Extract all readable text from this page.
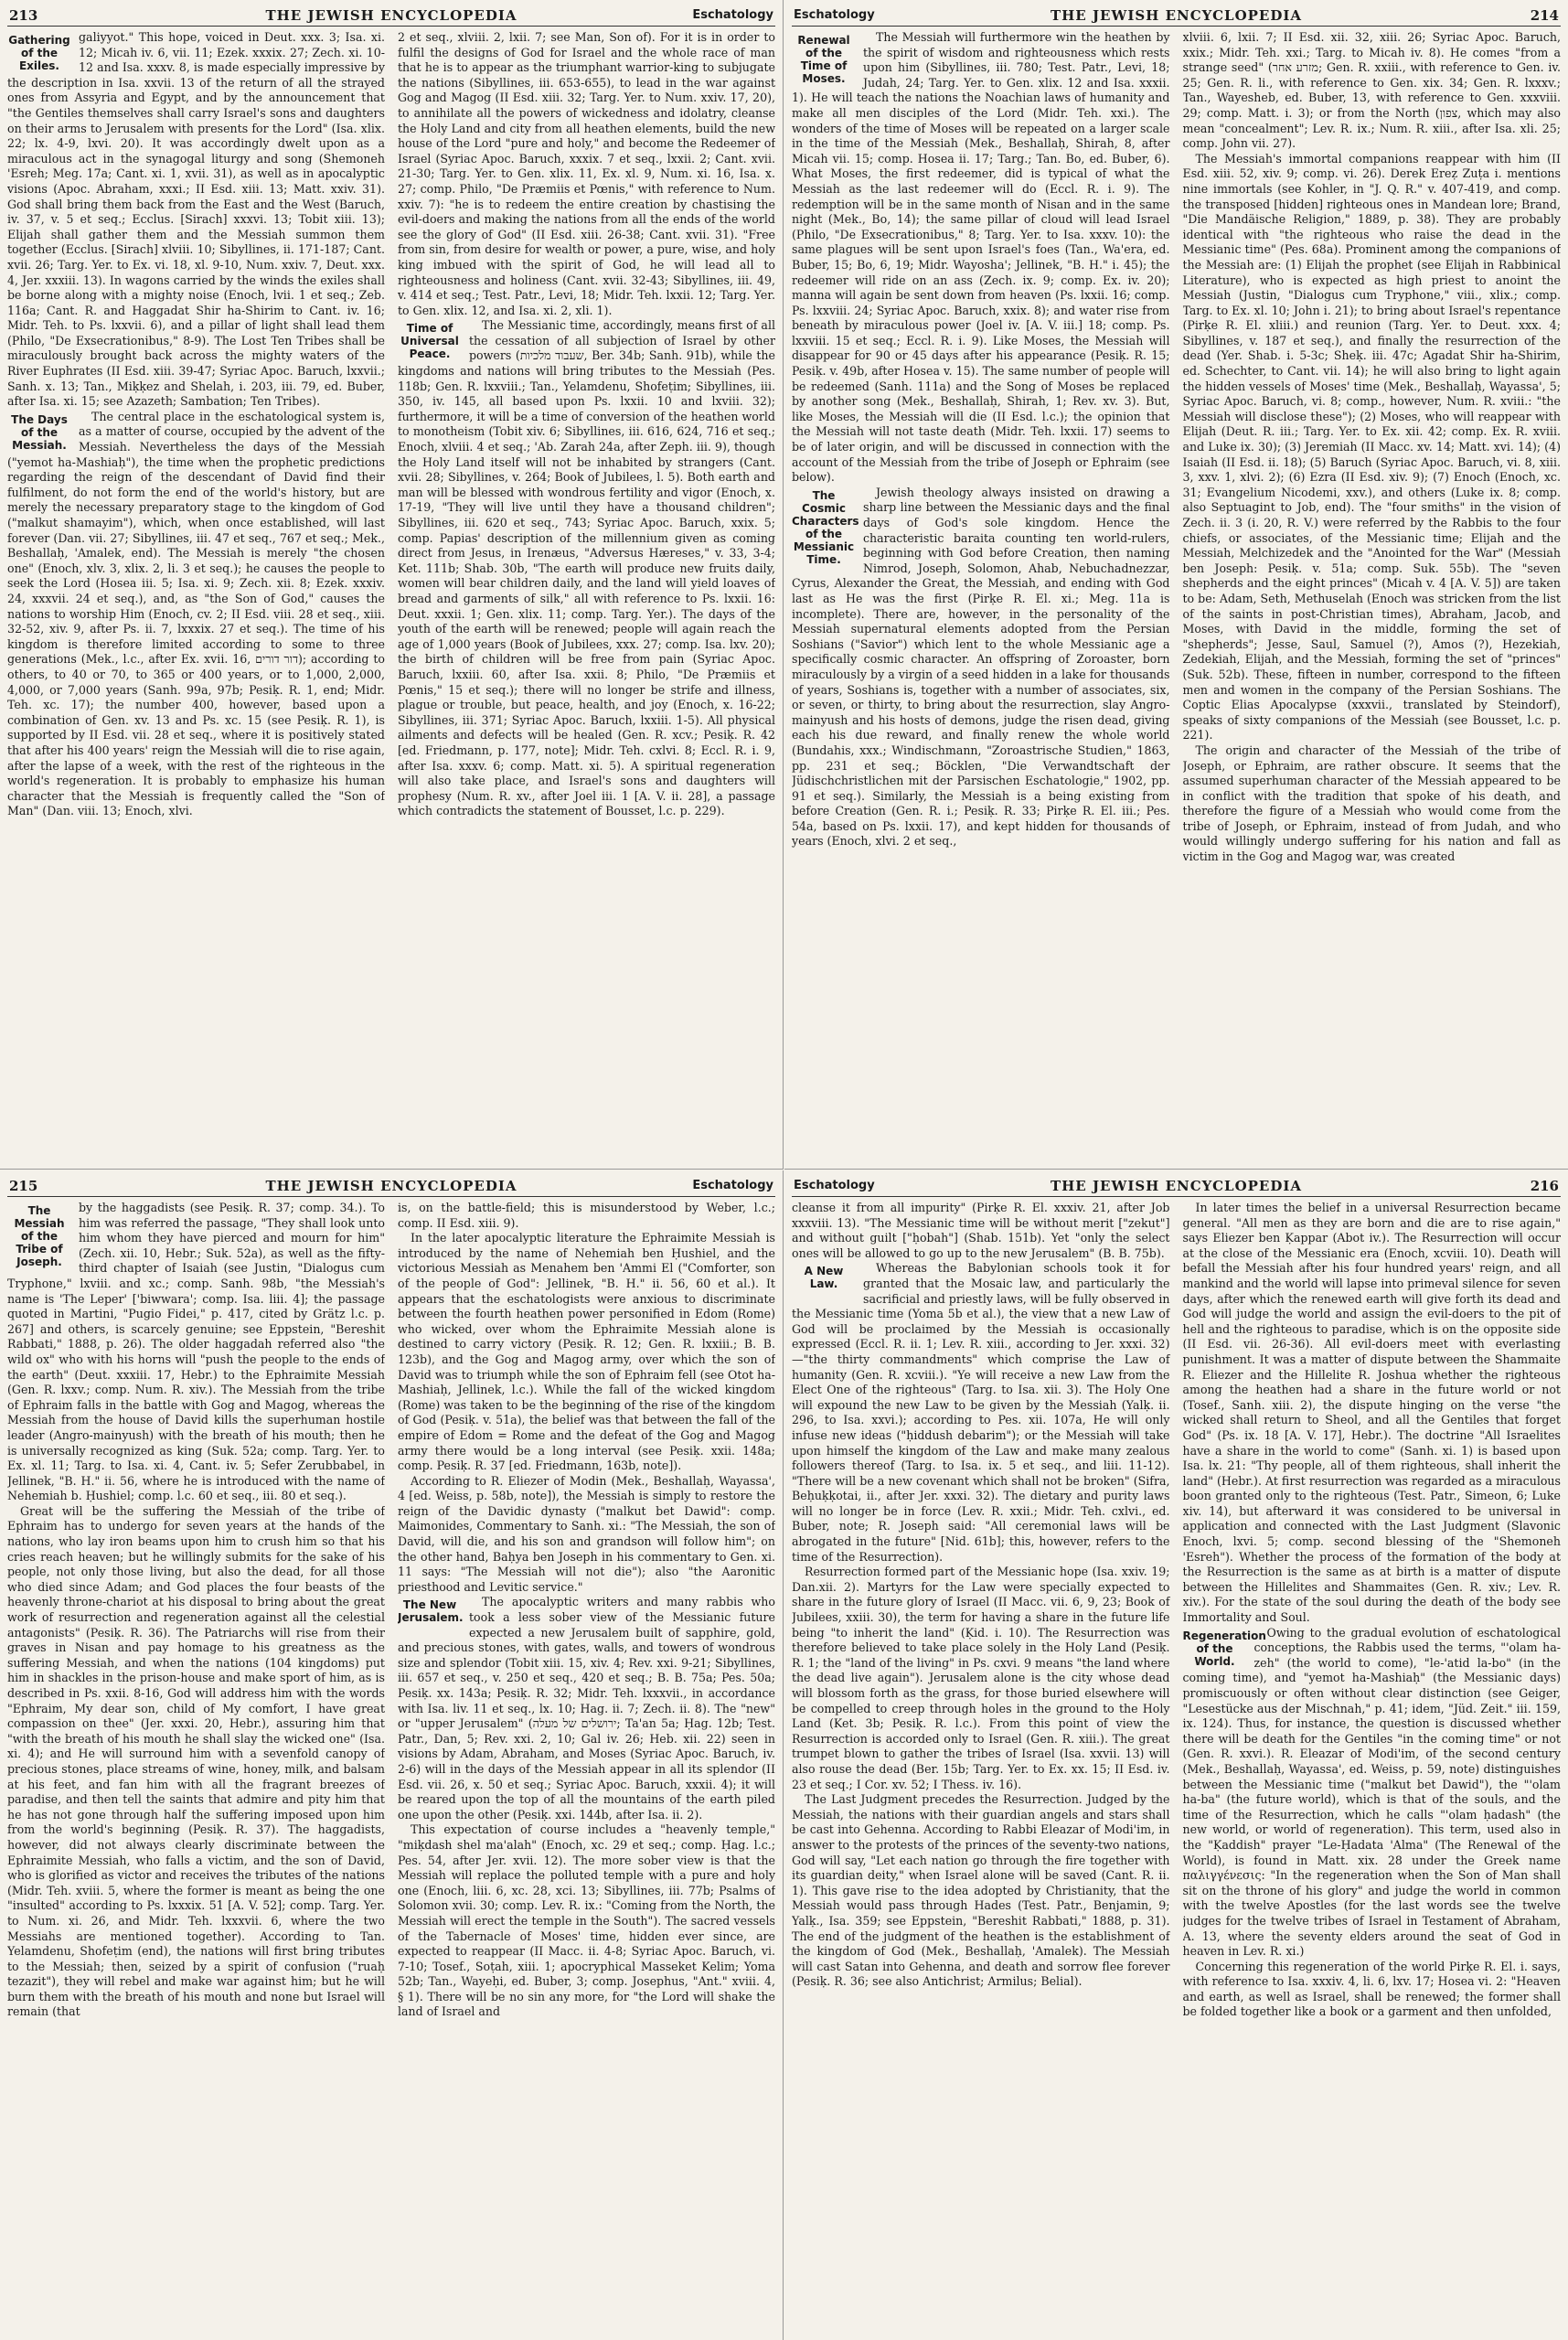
213	THE JEWISH ENCYCLOPEDIA	Eschatology
Gathering of the Exiles.

galiyyot." This hope, voiced in Deut. xxx. 3; Isa. xi. 12; Micah iv. 6, vii. 11; Ezek. xxxix. 27; Zech. xi. 10-12 and Isa. xxxv. 8, is made especially impressive by the description in Isa. xxvii. 13 of the return of all the strayed ones from Assyria and Egypt, and by the announcement that "the Gentiles themselves shall carry Israel's sons and daughters on their arms to Jerusalem with presents for the Lord" (Isa. xlix. 22; lx. 4-9, lxvi. 20). It was accordingly dwelt upon as a miraculous act in the synagogal liturgy and song (Shemoneh 'Esreh; Meg. 17a; Cant. xi. 1, xvii. 31), as well as in apocalyptic visions (Apoc. Abraham, xxxi.; II Esd. xiii. 13; Matt. xxiv. 31). God shall bring them back from the East and the West (Baruch, iv. 37, v. 5 et seq.; Ecclus. [Sirach] xxxvi. 13; Tobit xiii. 13); Elijah shall gather them and the Messiah summon them together (Ecclus. [Sirach] xlviii. 10; Sibyllines, ii. 171-187; Cant. xvii. 26; Targ. Yer. to Ex. vi. 18, xl. 9-10, Num. xxiv. 7, Deut. xxx. 4, Jer. xxxiii. 13). In wagons carried by the winds the exiles shall be borne along with a mighty noise (Enoch, lvii. 1 et seq.; Zeb. 116a; Cant. R. and Haggadat Shir ha-Shirim to Cant. iv. 16; Midr. Teh. to Ps. lxxvii. 6), and a pillar of light shall lead them (Philo, "De Exsecrationibus," 8-9). The Lost Ten Tribes shall be miraculously brought back across the mighty waters of the River Euphrates (II Esd. xiii. 39-47; Syriac Apoc. Baruch, lxxvii.; Sanh. x. 13; Tan., Miḳḳez and Shelah, i. 203, iii. 79, ed. Buber, after Isa. xi. 15; see Azazeth; Sambation; Ten Tribes).

The Days of the Messiah.

The central place in the eschatological system is, as a matter of course, occupied by the advent of the Messiah. Nevertheless the days of the Messiah ("yemot ha-Mashiaḥ"), the time when the prophetic predictions regarding the reign of the descendant of David find their fulfilment, do not form the end of the world's history, but are merely the necessary preparatory stage to the kingdom of God ("malkut shamayim"), which, when once established, will last forever (Dan. vii. 27; Sibyllines, iii. 47 et seq., 767 et seq.; Mek., Beshallaḥ, 'Amalek, end). The Messiah is merely "the chosen one" (Enoch, xlv. 3, xlix. 2, li. 3 et seq.); he causes the people to seek the Lord (Hosea iii. 5; Isa. xi. 9; Zech. xii. 8; Ezek. xxxiv. 24, xxxvii. 24 et seq.), and, as "the Son of God," causes the nations to worship Him (Enoch, cv. 2; II Esd. viii. 28 et seq., xiii. 32-52, xiv. 9, after Ps. ii. 7, lxxxix. 27 et seq.). The time of his kingdom is therefore limited according to some to three generations (Mek., l.c., after Ex. xvii. 16, דור דורים); according to others, to 40 or 70, to 365 or 400 years, or to 1,000, 2,000, 4,000, or 7,000 years (Sanh. 99a, 97b; Pesiḳ. R. 1, end; Midr. Teh. xc. 17); the number 400, however, based upon a combination of Gen. xv. 13 and Ps. xc. 15 (see Pesiḳ. R. 1), is supported by II Esd. vii. 28 et seq., where it is positively stated that after his 400 years' reign the Messiah will die to rise again, after the lapse of a week, with the rest of the righteous in the world's regeneration. It is probably to emphasize his human character that the Messiah is frequently called the "Son of Man" (Dan. viii. 13; Enoch, xlvi.

2 et seq., xlviii. 2, lxii. 7; see Man, Son of). For it is in order to fulfil the designs of God for Israel and the whole race of man that he is to appear as the triumphant warrior-king to subjugate the nations (Sibyllines, iii. 653-655), to lead in the war against Gog and Magog (II Esd. xiii. 32; Targ. Yer. to Num. xxiv. 17, 20), to annihilate all the powers of wickedness and idolatry, cleanse the Holy Land and city from all heathen elements, build the new house of the Lord "pure and holy," and become the Redeemer of Israel (Syriac Apoc. Baruch, xxxix. 7 et seq., lxxii. 2; Cant. xvii. 21-30; Targ. Yer. to Gen. xlix. 11, Ex. xl. 9, Num. xi. 16, Isa. x. 27; comp. Philo, "De Præmiis et Pœnis," with reference to Num. xxiv. 7): "he is to redeem the entire creation by chastising the evil-doers and making the nations from all the ends of the world see the glory of God" (II Esd. xiii. 26-38; Cant. xvii. 31). "Free from sin, from desire for wealth or power, a pure, wise, and holy king imbued with the spirit of God, he will lead all to righteousness and holiness (Cant. xvii. 32-43; Sibyllines, iii. 49, v. 414 et seq.; Test. Patr., Levi, 18; Midr. Teh. lxxii. 12; Targ. Yer. to Gen. xlix. 12, and Isa. xi. 2, xli. 1).

Time of Universal Peace.

The Messianic time, accordingly, means first of all the cessation of all subjection of Israel by other powers (שעבוד מלכיות, Ber. 34b; Sanh. 91b), while the kingdoms and nations will bring tributes to the Messiah (Pes. 118b; Gen. R. lxxviii.; Tan., Yelamdenu, Shofeṭim; Sibyllines, iii. 350, iv. 145, all based upon Ps. lxxii. 10 and lxviii. 32); furthermore, it will be a time of conversion of the heathen world to monotheism (Tobit xiv. 6; Sibyllines, iii. 616, 624, 716 et seq.; Enoch, xlviii. 4 et seq.; 'Ab. Zarah 24a, after Zeph. iii. 9), though the Holy Land itself will not be inhabited by strangers (Cant. xvii. 28; Sibyllines, v. 264; Book of Jubilees, l. 5). Both earth and man will be blessed with wondrous fertility and vigor (Enoch, x. 17-19, "They will live until they have a thousand children"; Sibyllines, iii. 620 et seq., 743; Syriac Apoc. Baruch, xxix. 5; comp. Papias' description of the millennium given as coming direct from Jesus, in Irenæus, "Adversus Hæreses," v. 33, 3-4; Ket. 111b; Shab. 30b, "The earth will produce new fruits daily, women will bear children daily, and the land will yield loaves of bread and garments of silk," all with reference to Ps. lxxii. 16: Deut. xxxii. 1; Gen. xlix. 11; comp. Targ. Yer.). The days of the youth of the earth will be renewed; people will again reach the age of 1,000 years (Book of Jubilees, xxx. 27; comp. Isa. lxv. 20); the birth of children will be free from pain (Syriac Apoc. Baruch, lxxiii. 60, after Isa. xxii. 8; Philo, "De Præmiis et Pœnis," 15 et seq.); there will no longer be strife and illness, plague or trouble, but peace, health, and joy (Enoch, x. 16-22; Sibyllines, iii. 371; Syriac Apoc. Baruch, lxxiii. 1-5). All physical ailments and defects will be healed (Gen. R. xcv.; Pesiḳ. R. 42 [ed. Friedmann, p. 177, note]; Midr. Teh. cxlvi. 8; Eccl. R. i. 9, after Isa. xxxv. 6; comp. Matt. xi. 5). A spiritual regeneration will also take place, and Israel's sons and daughters will prophesy (Num. R. xv., after Joel iii. 1 [A. V. ii. 28], a passage which contradicts the statement of Bousset, l.c. p. 229).

Eschatology	THE JEWISH ENCYCLOPEDIA	214
Renewal of the Time of Moses.

The Messiah will furthermore win the heathen by the spirit of wisdom and righteousness which rests upon him (Sibyllines, iii. 780; Test. Patr., Levi, 18; Judah, 24; Targ. Yer. to Gen. xlix. 12 and Isa. xxxii. 1). He will teach the nations the Noachian laws of humanity and make all men disciples of the Lord (Midr. Teh. xxi.). The wonders of the time of Moses will be repeated on a larger scale in the time of the Messiah (Mek., Beshallaḥ, Shirah, 8, after Micah vii. 15; comp. Hosea ii. 17; Targ.; Tan. Bo, ed. Buber, 6). What Moses, the first redeemer, did is typical of what the Messiah as the last redeemer will do (Eccl. R. i. 9). The redemption will be in the same month of Nisan and in the same night (Mek., Bo, 14); the same pillar of cloud will lead Israel (Philo, "De Exsecrationibus," 8; Targ. Yer. to Isa. xxxv. 10): the same plagues will be sent upon Israel's foes (Tan., Wa'era, ed. Buber, 15; Bo, 6, 19; Midr. Wayosha'; Jellinek, "B. H." i. 45); the redeemer will ride on an ass (Zech. ix. 9; comp. Ex. iv. 20); manna will again be sent down from heaven (Ps. lxxii. 16; comp. Ps. lxxviii. 24; Syriac Apoc. Baruch, xxix. 8); and water rise from beneath by miraculous power (Joel iv. [A. V. iii.] 18; comp. Ps. lxxviii. 15 et seq.; Eccl. R. i. 9). Like Moses, the Messiah will disappear for 90 or 45 days after his appearance (Pesiḳ. R. 15; Pesiḳ. v. 49b, after Hosea v. 15). The same number of people will be redeemed (Sanh. 111a) and the Song of Moses be replaced by another song (Mek., Beshallaḥ, Shirah, 1; Rev. xv. 3). But, like Moses, the Messiah will die (II Esd. l.c.); the opinion that the Messiah will not taste death (Midr. Teh. lxxii. 17) seems to be of later origin, and will be discussed in connection with the account of the Messiah from the tribe of Joseph or Ephraim (see below).

The Cosmic Characters of the Messianic Time.

Jewish theology always insisted on drawing a sharp line between the Messianic days and the final days of God's sole kingdom. Hence the characteristic baraita counting ten world-rulers, beginning with God before Creation, then naming Nimrod, Joseph, Solomon, Ahab, Nebuchadnezzar, Cyrus, Alexander the Great, the Messiah, and ending with God last as He was the first (Pirḳe R. El. xi.; Meg. 11a is incomplete). There are, however, in the personality of the Messiah supernatural elements adopted from the Persian Soshians ("Savior") which lent to the whole Messianic age a specifically cosmic character. An offspring of Zoroaster, born miraculously by a virgin of a seed hidden in a lake for thousands of years, Soshians is, together with a number of associates, six, or seven, or thirty, to bring about the resurrection, slay Angro-mainyush and his hosts of demons, judge the risen dead, giving each his due reward, and finally renew the whole world (Bundahis, xxx.; Windischmann, "Zoroastrische Studien," 1863, pp. 231 et seq.; Böcklen, "Die Verwandtschaft der Jüdischchristlichen mit der Parsischen Eschatologie," 1902, pp. 91 et seq.). Similarly, the Messiah is a being existing from before Creation (Gen. R. i.; Pesiḳ. R. 33; Pirḳe R. El. iii.; Pes. 54a, based on Ps. lxxii. 17), and kept hidden for thousands of years (Enoch, xlvi. 2 et seq.,

xlviii. 6, lxii. 7; II Esd. xii. 32, xiii. 26; Syriac Apoc. Baruch, xxix.; Midr. Teh. xxi.; Targ. to Micah iv. 8). He comes "from a strange seed" (מזרע אחר; Gen. R. xxiii., with reference to Gen. iv. 25; Gen. R. li., with reference to Gen. xix. 34; Gen. R. lxxxv.; Tan., Wayesheb, ed. Buber, 13, with reference to Gen. xxxviii. 29; comp. Matt. i. 3); or from the North (צפון, which may also mean "concealment"; Lev. R. ix.; Num. R. xiii., after Isa. xli. 25; comp. John vii. 27).

The Messiah's immortal companions reappear with him (II Esd. xiii. 52, xiv. 9; comp. vi. 26). Derek Ereẓ Zuṭa i. mentions nine immortals (see Kohler, in "J. Q. R." v. 407-419, and comp. the transposed [hidden] righteous ones in Mandean lore; Brand, "Die Mandäische Religion," 1889, p. 38). They are probably identical with "the righteous who raise the dead in the Messianic time" (Pes. 68a). Prominent among the companions of the Messiah are: (1) Elijah the prophet (see Elijah in Rabbinical Literature), who is expected as high priest to anoint the Messiah (Justin, "Dialogus cum Tryphone," viii., xlix.; comp. Targ. to Ex. xl. 10; John i. 21); to bring about Israel's repentance (Pirḳe R. El. xliii.) and reunion (Targ. Yer. to Deut. xxx. 4; Sibyllines, v. 187 et seq.), and finally the resurrection of the dead (Yer. Shab. i. 5-3c; Sheḳ. iii. 47c; Agadat Shir ha-Shirim, ed. Schechter, to Cant. vii. 14); he will also bring to light again the hidden vessels of Moses' time (Mek., Beshallaḥ, Wayassa', 5; Syriac Apoc. Baruch, vi. 8; comp., however, Num. R. xviii.: "the Messiah will disclose these"); (2) Moses, who will reappear with Elijah (Deut. R. iii.; Targ. Yer. to Ex. xii. 42; comp. Ex. R. xviii. and Luke ix. 30); (3) Jeremiah (II Macc. xv. 14; Matt. xvi. 14); (4) Isaiah (II Esd. ii. 18); (5) Baruch (Syriac Apoc. Baruch, vi. 8, xiii. 3, xxv. 1, xlvi. 2); (6) Ezra (II Esd. xiv. 9); (7) Enoch (Enoch, xc. 31; Evangelium Nicodemi, xxv.), and others (Luke ix. 8; comp. also Septuagint to Job, end). The "four smiths" in the vision of Zech. ii. 3 (i. 20, R. V.) were referred by the Rabbis to the four chiefs, or associates, of the Messianic time; Elijah and the Messiah, Melchizedek and the "Anointed for the War" (Messiah ben Joseph: Pesiḳ. v. 51a; comp. Suk. 55b). The "seven shepherds and the eight princes" (Micah v. 4 [A. V. 5]) are taken to be: Adam, Seth, Methuselah (Enoch was stricken from the list of the saints in post-Christian times), Abraham, Jacob, and Moses, with David in the middle, forming the set of "shepherds"; Jesse, Saul, Samuel (?), Amos (?), Hezekiah, Zedekiah, Elijah, and the Messiah, forming the set of "princes" (Suk. 52b). These, fifteen in number, correspond to the fifteen men and women in the company of the Persian Soshians. The Coptic Elias Apocalypse (xxxvii., translated by Steindorf), speaks of sixty companions of the Messiah (see Bousset, l.c. p. 221).

The origin and character of the Messiah of the tribe of Joseph, or Ephraim, are rather obscure. It seems that the assumed superhuman character of the Messiah appeared to be in conflict with the tradition that spoke of his death, and therefore the figure of a Messiah who would come from the tribe of Joseph, or Ephraim, instead of from Judah, and who would willingly undergo suffering for his nation and fall as victim in the Gog and Magog war, was created

215	THE JEWISH ENCYCLOPEDIA	Eschatology
The Messiah of the Tribe of Joseph.

by the haggadists (see Pesiḳ. R. 37; comp. 34.). To him was referred the passage, "They shall look unto him whom they have pierced and mourn for him" (Zech. xii. 10, Hebr.; Suk. 52a), as well as the fifty-third chapter of Isaiah (see Justin, "Dialogus cum Tryphone," lxviii. and xc.; comp. Sanh. 98b, "the Messiah's name is 'The Leper' ['biwwara'; comp. Isa. liii. 4]; the passage quoted in Martini, "Pugio Fidei," p. 417, cited by Grätz l.c. p. 267] and others, is scarcely genuine; see Eppstein, "Bereshit Rabbati," 1888, p. 26). The older haggadah referred also "the wild ox" who with his horns will "push the people to the ends of the earth" (Deut. xxxiii. 17, Hebr.) to the Ephraimite Messiah (Gen. R. lxxv.; comp. Num. R. xiv.). The Messiah from the tribe of Ephraim falls in the battle with Gog and Magog, whereas the Messiah from the house of David kills the superhuman hostile leader (Angro-mainyush) with the breath of his mouth; then he is universally recognized as king (Suk. 52a; comp. Targ. Yer. to Ex. xl. 11; Targ. to Isa. xi. 4, Cant. iv. 5; Sefer Zerubbabel, in Jellinek, "B. H." ii. 56, where he is introduced with the name of Nehemiah b. Ḥushiel; comp. l.c. 60 et seq., iii. 80 et seq.).

Great will be the suffering the Messiah of the tribe of Ephraim has to undergo for seven years at the hands of the nations, who lay iron beams upon him to crush him so that his cries reach heaven; but he willingly submits for the sake of his people, not only those living, but also the dead, for all those who died since Adam; and God places the four beasts of the heavenly throne-chariot at his disposal to bring about the great work of resurrection and regeneration against all the celestial antagonists" (Pesiḳ. R. 36). The Patriarchs will rise from their graves in Nisan and pay homage to his greatness as the suffering Messiah, and when the nations (104 kingdoms) put him in shackles in the prison-house and make sport of him, as is described in Ps. xxii. 8-16, God will address him with the words "Ephraim, My dear son, child of My comfort, I have great compassion on thee" (Jer. xxxi. 20, Hebr.), assuring him that "with the breath of his mouth he shall slay the wicked one" (Isa. xi. 4); and He will surround him with a sevenfold canopy of precious stones, place streams of wine, honey, milk, and balsam at his feet, and fan him with all the fragrant breezes of paradise, and then tell the saints that admire and pity him that he has not gone through half the suffering imposed upon him from the world's beginning (Pesiḳ. R. 37). The haggadists, however, did not always clearly discriminate between the Ephraimite Messiah, who falls a victim, and the son of David, who is glorified as victor and receives the tributes of the nations (Midr. Teh. xviii. 5, where the former is meant as being the one "insulted" according to Ps. lxxxix. 51 [A. V. 52]; comp. Targ. Yer. to Num. xi. 26, and Midr. Teh. lxxxvii. 6, where the two Messiahs are mentioned together). According to Tan. Yelamdenu, Shofeṭim (end), the nations will first bring tributes to the Messiah; then, seized by a spirit of confusion ("ruaḥ tezazit"), they will rebel and make war against him; but he will burn them with the breath of his mouth and none but Israel will remain (that

is, on the battle-field; this is misunderstood by Weber, l.c.; comp. II Esd. xiii. 9).

In the later apocalyptic literature the Ephraimite Messiah is introduced by the name of Nehemiah ben Ḥushiel, and the victorious Messiah as Menahem ben 'Ammi El ("Comforter, son of the people of God": Jellinek, "B. H." ii. 56, 60 et al.). It appears that the eschatologists were anxious to discriminate between the fourth heathen power personified in Edom (Rome) who wicked, over whom the Ephraimite Messiah alone is destined to carry victory (Pesiḳ. R. 12; Gen. R. lxxiii.; B. B. 123b), and the Gog and Magog army, over which the son of David was to triumph while the son of Ephraim fell (see Otot ha-Mashiaḥ, Jellinek, l.c.). While the fall of the wicked kingdom (Rome) was taken to be the beginning of the rise of the kingdom of God (Pesiḳ. v. 51a), the belief was that between the fall of the empire of Edom = Rome and the defeat of the Gog and Magog army there would be a long interval (see Pesiḳ. xxii. 148a; comp. Pesiḳ. R. 37 [ed. Friedmann, 163b, note]).

According to R. Eliezer of Modin (Mek., Beshallaḥ, Wayassa', 4 [ed. Weiss, p. 58b, note]), the Messiah is simply to restore the reign of the Davidic dynasty ("malkut bet Dawid": comp. Maimonides, Commentary to Sanh. xi.: "The Messiah, the son of David, will die, and his son and grandson will follow him"; on the other hand, Baḥya ben Joseph in his commentary to Gen. xi. 11 says: "The Messiah will not die"); also "the Aaronitic priesthood and Levitic service."

The New Jerusalem.

The apocalyptic writers and many rabbis who took a less sober view of the Messianic future expected a new Jerusalem built of sapphire, gold, and precious stones, with gates, walls, and towers of wondrous size and splendor (Tobit xiii. 15, xiv. 4; Rev. xxi. 9-21; Sibyllines, iii. 657 et seq., v. 250 et seq., 420 et seq.; B. B. 75a; Pes. 50a; Pesiḳ. xx. 143a; Pesiḳ. R. 32; Midr. Teh. lxxxvii., in accordance with Isa. liv. 11 et seq., lx. 10; Hag. ii. 7; Zech. ii. 8). The "new" or "upper Jerusalem" (ירושלים של מעלה; Ta'an 5a; Ḥag. 12b; Test. Patr., Dan, 5; Rev. xxi. 2, 10; Gal iv. 26; Heb. xii. 22) seen in visions by Adam, Abraham, and Moses (Syriac Apoc. Baruch, iv. 2-6) will in the days of the Messiah appear in all its splendor (II Esd. vii. 26, x. 50 et seq.; Syriac Apoc. Baruch, xxxii. 4); it will be reared upon the top of all the mountains of the earth piled one upon the other (Pesiḳ. xxi. 144b, after Isa. ii. 2).

This expectation of course includes a "heavenly temple," "miḳdash shel ma'alah" (Enoch, xc. 29 et seq.; comp. Ḥag. l.c.; Pes. 54, after Jer. xvii. 12). The more sober view is that the Messiah will replace the polluted temple with a pure and holy one (Enoch, liii. 6, xc. 28, xci. 13; Sibyllines, iii. 77b; Psalms of Solomon xvii. 30; comp. Lev. R. ix.: "Coming from the North, the Messiah will erect the temple in the South"). The sacred vessels of the Tabernacle of Moses' time, hidden ever since, are expected to reappear (II Macc. ii. 4-8; Syriac Apoc. Baruch, vi. 7-10; Tosef., Soṭah, xiii. 1; apocryphical Masseket Kelim; Yoma 52b; Tan., Wayeḥi, ed. Buber, 3; comp. Josephus, "Ant." xviii. 4, § 1). There will be no sin any more, for "the Lord will shake the land of Israel and

Eschatology	THE JEWISH ENCYCLOPEDIA	216

cleanse it from all impurity" (Pirḳe R. El. xxxiv. 21, after Job xxxviii. 13). "The Messianic time will be without merit ["zekut"] and without guilt ["ḥobah"] (Shab. 151b). Yet "only the select ones will be allowed to go up to the new Jerusalem" (B. B. 75b).

A New Law.

Whereas the Babylonian schools took it for granted that the Mosaic law, and particularly the sacrificial and priestly laws, will be fully observed in the Messianic time (Yoma 5b et al.), the view that a new Law of God will be proclaimed by the Messiah is occasionally expressed (Eccl. R. ii. 1; Lev. R. xiii., according to Jer. xxxi. 32)—"the thirty commandments" which comprise the Law of humanity (Gen. R. xcviii.). "Ye will receive a new Law from the Elect One of the righteous" (Targ. to Isa. xii. 3). The Holy One will expound the new Law to be given by the Messiah (Yalḳ. ii. 296, to Isa. xxvi.); according to Pes. xii. 107a, He will only infuse new ideas ("ḥiddush debarim"); or the Messiah will take upon himself the kingdom of the Law and make many zealous followers thereof (Targ. to Isa. ix. 5 et seq., and liii. 11-12). "There will be a new covenant which shall not be broken" (Sifra, Beḥuḳḳotai, ii., after Jer. xxxi. 32). The dietary and purity laws will no longer be in force (Lev. R. xxii.; Midr. Teh. cxlvi., ed. Buber, note; R. Joseph said: "All ceremonial laws will be abrogated in the future" [Nid. 61b]; this, however, refers to the time of the Resurrection).

Resurrection formed part of the Messianic hope (Isa. xxiv. 19; Dan.xii. 2). Martyrs for the Law were specially expected to share in the future glory of Israel (II Macc. vii. 6, 9, 23; Book of Jubilees, xxiii. 30), the term for having a share in the future life being "to inherit the land" (Ḳid. i. 10). The Resurrection was therefore believed to take place solely in the Holy Land (Pesiḳ. R. 1; the "land of the living" in Ps. cxvi. 9 means "the land where the dead live again"). Jerusalem alone is the city whose dead will blossom forth as the grass, for those buried elsewhere will be compelled to creep through holes in the ground to the Holy Land (Ket. 3b; Pesiḳ. R. l.c.). From this point of view the Resurrection is accorded only to Israel (Gen. R. xiii.). The great trumpet blown to gather the tribes of Israel (Isa. xxvii. 13) will also rouse the dead (Ber. 15b; Targ. Yer. to Ex. xx. 15; II Esd. iv. 23 et seq.; I Cor. xv. 52; I Thess. iv. 16).

The Last Judgment precedes the Resurrection. Judged by the Messiah, the nations with their guardian angels and stars shall be cast into Gehenna. According to Rabbi Eleazar of Modi'im, in answer to the protests of the princes of the seventy-two nations, God will say, "Let each nation go through the fire together with its guardian deity," when Israel alone will be saved (Cant. R. ii. 1). This gave rise to the idea adopted by Christianity, that the Messiah would pass through Hades (Test. Patr., Benjamin, 9; Yalḳ., Isa. 359; see Eppstein, "Bereshit Rabbati," 1888, p. 31). The end of the judgment of the heathen is the establishment of the kingdom of God (Mek., Beshallaḥ, 'Amalek). The Messiah will cast Satan into Gehenna, and death and sorrow flee forever (Pesiḳ. R. 36; see also Antichrist; Armilus; Belial).

In later times the belief in a universal Resurrection became general. "All men as they are born and die are to rise again," says Eliezer ben Ḳappar (Abot iv.). The Resurrection will occur at the close of the Messianic era (Enoch, xcviii. 10). Death will befall the Messiah after his four hundred years' reign, and all mankind and the world will lapse into primeval silence for seven days, after which the renewed earth will give forth its dead and God will judge the world and assign the evil-doers to the pit of hell and the righteous to paradise, which is on the opposite side (II Esd. vii. 26-36). All evil-doers meet with everlasting punishment. It was a matter of dispute between the Shammaite R. Eliezer and the Hillelite R. Joshua whether the righteous among the heathen had a share in the future world or not (Tosef., Sanh. xiii. 2), the dispute hinging on the verse "the wicked shall return to Sheol, and all the Gentiles that forget God" (Ps. ix. 18 [A. V. 17], Hebr.). The doctrine "All Israelites have a share in the world to come" (Sanh. xi. 1) is based upon Isa. lx. 21: "Thy people, all of them righteous, shall inherit the land" (Hebr.). At first resurrection was regarded as a miraculous boon granted only to the righteous (Test. Patr., Simeon, 6; Luke xiv. 14), but afterward it was considered to be universal in application and connected with the Last Judgment (Slavonic Enoch, lxvi. 5; comp. second blessing of the "Shemoneh 'Esreh"). Whether the process of the formation of the body at the Resurrection is the same as at birth is a matter of dispute between the Hillelites and Shammaites (Gen. R. xiv.; Lev. R. xiv.). For the state of the soul during the death of the body see Immortality and Soul.

Regeneration of the World.

Owing to the gradual evolution of eschatological conceptions, the Rabbis used the terms, "'olam ha-zeh" (the world to come), "le-'atid la-bo" (in the coming time), and "yemot ha-Mashiaḥ" (the Messianic days) promiscuously or often without clear distinction (see Geiger, "Lesestücke aus der Mischnah," p. 41; idem, "Jüd. Zeit." iii. 159, ix. 124). Thus, for instance, the question is discussed whether there will be death for the Gentiles "in the coming time" or not (Gen. R. xxvi.). R. Eleazar of Modi'im, of the second century (Mek., Beshallaḥ, Wayassa', ed. Weiss, p. 59, note) distinguishes between the Messianic time ("malkut bet Dawid"), the "'olam ha-ba" (the future world), which is that of the souls, and the time of the Resurrection, which he calls "'olam ḥadash" (the new world, or world of regeneration). This term, used also in the "Ḳaddish" prayer "Le-Ḥadata 'Alma" (The Renewal of the World), is found in Matt. xix. 28 under the Greek name παλιγγένεσις: "In the regeneration when the Son of Man shall sit on the throne of his glory" and judge the world in common with the twelve Apostles (for the last words see the twelve judges for the twelve tribes of Israel in Testament of Abraham, A. 13, where the seventy elders around the seat of God in heaven in Lev. R. xi.)

Concerning this regeneration of the world Pirḳe R. El. i. says, with reference to Isa. xxxiv. 4, li. 6, lxv. 17; Hosea vi. 2: "Heaven and earth, as well as Israel, shall be renewed; the former shall be folded together like a book or a garment and then unfolded,
